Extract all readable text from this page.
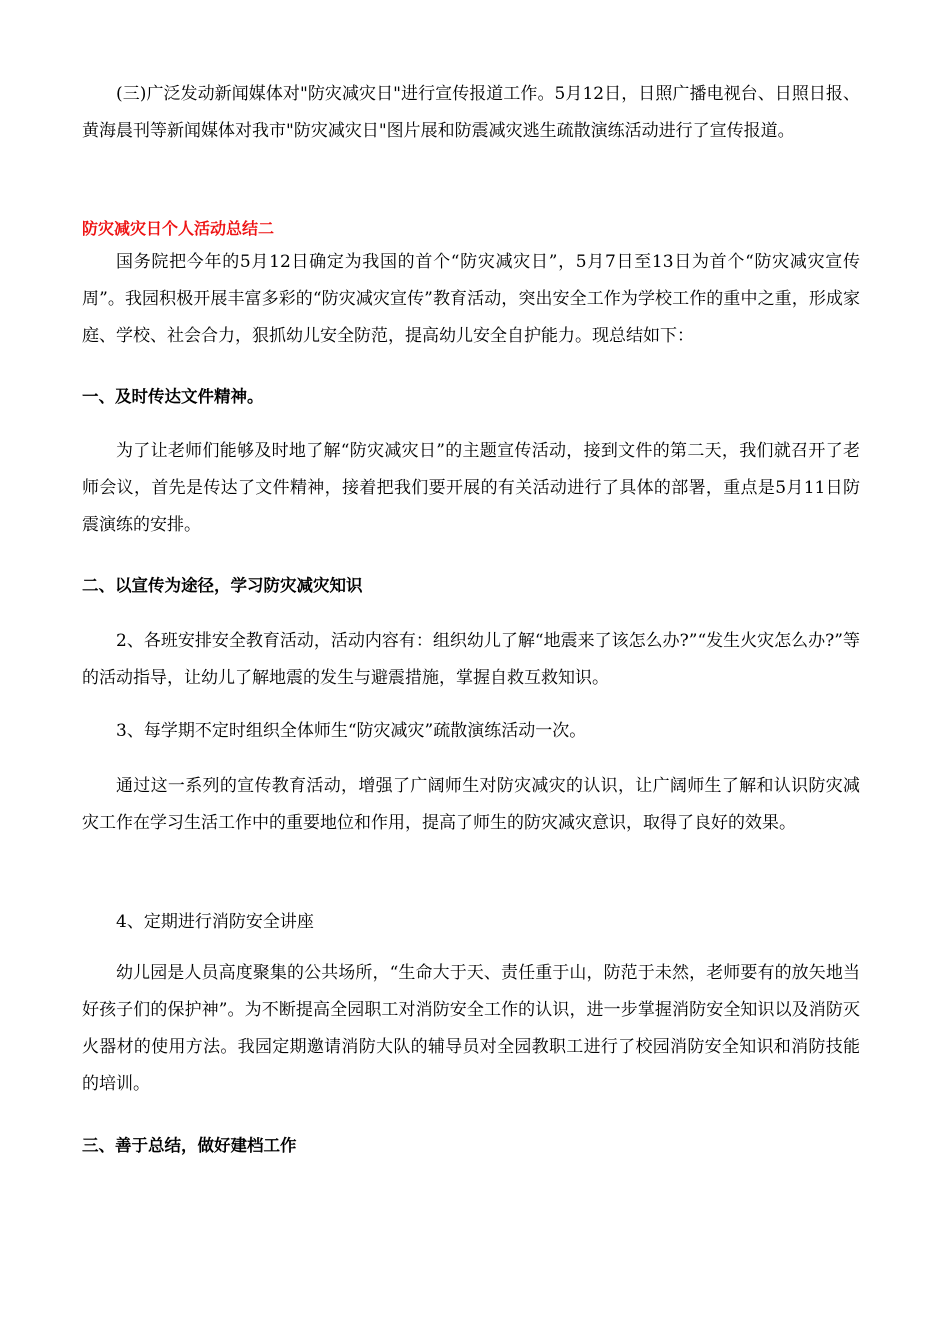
(三)广泛发动新闻媒体对"防灾减灾日"进行宣传报道工作。5月12日，日照广播电视台、日照日报、黄海晨刊等新闻媒体对我市"防灾减灾日"图片展和防震减灾逃生疏散演练活动进行了宣传报道。

防灾减灾日个人活动总结二

国务院把今年的5月12日确定为我国的首个“防灾减灾日”，5月7日至13日为首个“防灾减灾宣传周”。我园积极开展丰富多彩的“防灾减灾宣传”教育活动，突出安全工作为学校工作的重中之重，形成家庭、学校、社会合力，狠抓幼儿安全防范，提高幼儿安全自护能力。现总结如下：

一、及时传达文件精神。

为了让老师们能够及时地了解“防灾减灾日”的主题宣传活动，接到文件的第二天，我们就召开了老师会议，首先是传达了文件精神，接着把我们要开展的有关活动进行了具体的部署，重点是5月11日防震演练的安排。

二、以宣传为途径，学习防灾减灾知识

2、各班安排安全教育活动，活动内容有：组织幼儿了解“地震来了该怎么办?”“发生火灾怎么办?”等的活动指导，让幼儿了解地震的发生与避震措施，掌握自救互救知识。

3、每学期不定时组织全体师生“防灾减灾”疏散演练活动一次。

通过这一系列的宣传教育活动，增强了广阔师生对防灾减灾的认识，让广阔师生了解和认识防灾减灾工作在学习生活工作中的重要地位和作用，提高了师生的防灾减灾意识，取得了良好的效果。

4、定期进行消防安全讲座

幼儿园是人员高度聚集的公共场所，“生命大于天、责任重于山，防范于未然，老师要有的放矢地当好孩子们的保护神”。为不断提高全园职工对消防安全工作的认识，进一步掌握消防安全知识以及消防灭火器材的使用方法。我园定期邀请消防大队的辅导员对全园教职工进行了校园消防安全知识和消防技能的培训。

三、善于总结，做好建档工作
